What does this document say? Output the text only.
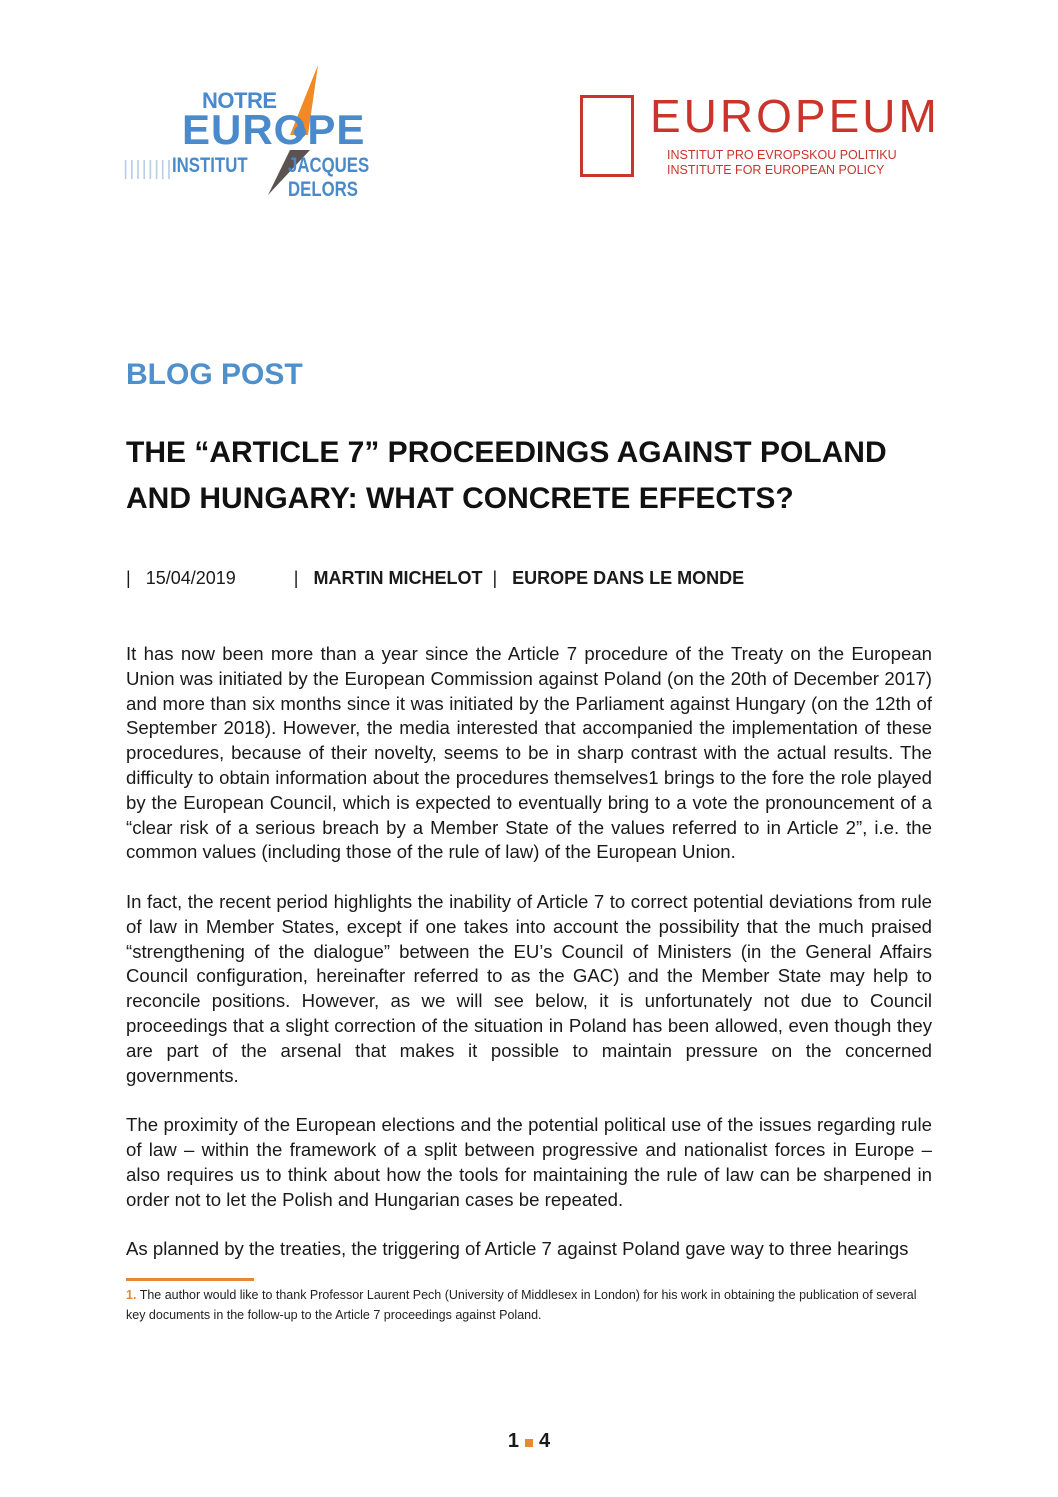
NOTRE
EUROPE
|||||||| INSTITUT JACQUES DELORS
EUROPEUM
INSTITUT PRO EVROPSKOU POLITIKU
INSTITUTE FOR EUROPEAN POLICY
BLOG POST
THE “ARTICLE 7” PROCEEDINGS AGAINST POLAND AND HUNGARY: WHAT CONCRETE EFFECTS?
| 15/04/2019	| MARTIN MICHELOT | EUROPE DANS LE MONDE

It has now been more than a year since the Article 7 procedure of the Treaty on the European Union was initiated by the European Commission against Poland (on the 20th of December 2017) and more than six months since it was initiated by the Parliament against Hungary (on the 12th of September 2018). However, the media interested that accompanied the implementation of these procedures, because of their novelty, seems to be in sharp contrast with the actual results. The difficulty to obtain information about the procedures themselves1 brings to the fore the role played by the European Council, which is expected to eventually bring to a vote the pronouncement of a “clear risk of a serious breach by a Member State of the values referred to in Article 2”, i.e. the common values (including those of the rule of law) of the European Union.

In fact, the recent period highlights the inability of Article 7 to correct potential deviations from rule of law in Member States, except if one takes into account the possibility that the much praised “strengthening of the dialogue” between the EU’s Council of Ministers (in the General Affairs Council configuration, hereinafter referred to as the GAC) and the Member State may help to reconcile positions. However, as we will see below, it is unfortunately not due to Council proceedings that a slight correction of the situation in Poland has been allowed, even though they are part of the arsenal that makes it possible to maintain pressure on the concerned governments.

The proximity of the European elections and the potential political use of the issues regarding rule of law – within the framework of a split between progressive and nationalist forces in Europe – also requires us to think about how the tools for maintaining the rule of law can be sharpened in order not to let the Polish and Hungarian cases be repeated.

As planned by the treaties, the triggering of Article 7 against Poland gave way to three hearings

1. The author would like to thank Professor Laurent Pech (University of Middlesex in London) for his work in obtaining the publication of several key documents in the follow-up to the Article 7 proceedings against Poland.
1 4
